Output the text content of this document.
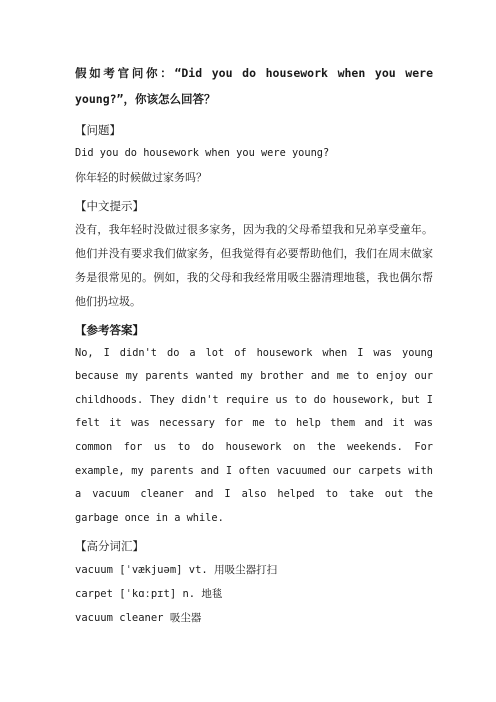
假如考官问你：“Did you do housework when you were young?”，你该怎么回答？

【问题】

Did you do housework when you were young?

你年轻的时候做过家务吗？

【中文提示】

没有，我年轻时没做过很多家务，因为我的父母希望我和兄弟享受童年。他们并没有要求我们做家务，但我觉得有必要帮助他们，我们在周末做家务是很常见的。例如，我的父母和我经常用吸尘器清理地毯，我也偶尔帮他们扔垃圾。

【参考答案】

No, I didn't do a lot of housework when I was young because my parents wanted my brother and me to enjoy our childhoods. They didn't require us to do housework, but I felt it was necessary for me to help them and it was common for us to do housework on the weekends. For example, my parents and I often vacuumed our carpets with a vacuum cleaner and I also helped to take out the garbage once in a while.

【高分词汇】

vacuum [ˈvækjuəm] vt. 用吸尘器打扫

carpet [ˈkɑːpɪt] n. 地毯

vacuum cleaner 吸尘器
